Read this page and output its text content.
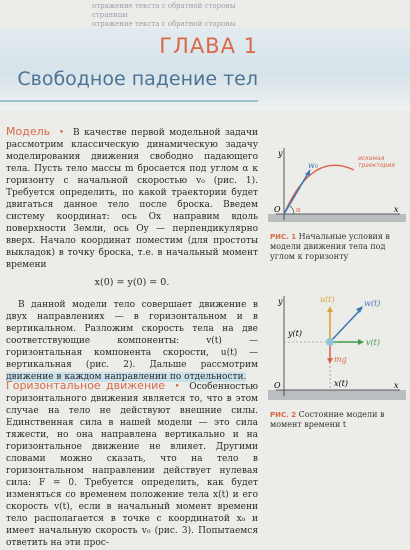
отражение текста с обратной стороны страницы
отражение текста с обратной стороны
ГЛАВА 1
Свободное падение тел
Модель  •  В качестве первой модельной задачи рассмотрим классическую динамическую задачу моделирования движения свободно падающего тела. Пусть тело массы m бросается под углом α к горизонту с начальной скоростью v₀ (рис. 1). Требуется определить, по какой траектории будет двигаться данное тело после броска. Введем систему координат: ось Ox направим вдоль поверхности Земли, ось Oy — перпендикулярно вверх. Начало координат поместим (для простоты выкладок) в точку броска, т.е. в начальный момент времени
x(0) = y(0) = 0.
В данной модели тело совершает движение в двух направлениях — в горизонтальном и в вертикальном. Разложим скорость тела на две соответствующие компоненты: v(t) — горизонтальная компонента скорости, u(t) — вертикальная (рис. 2). Дальше рассмотрим движение в каждом направлении по отдельности.
Горизонтальное движение  •  Особенностью горизонтального движения является то, что в этом случае на тело не действуют внешние силы. Единственная сила в нашей модели — это сила тяжести, но она направлена вертикально и на горизонтальное движение не влияет. Другими словами можно сказать, что на тело в горизонтальном направлении действует нулевая сила: F = 0. Требуется определить, как будет изменяться со временем положение тела x(t) и его скорость v(t), если в начальный момент времени тело располагается в точке с координатой x₀ и имеет начальную скорость v₀ (рис. 3). Попытаемся ответить на эти прос-
y
x
O
w₀
α
искомая
траектория
РИС. 1 Начальные условия в модели движения тела под углом к горизонту
y
x
O
u(t)	w(t)
v(t)
y(t)
x(t)
mg
РИС. 2 Состояние модели в момент времени t
